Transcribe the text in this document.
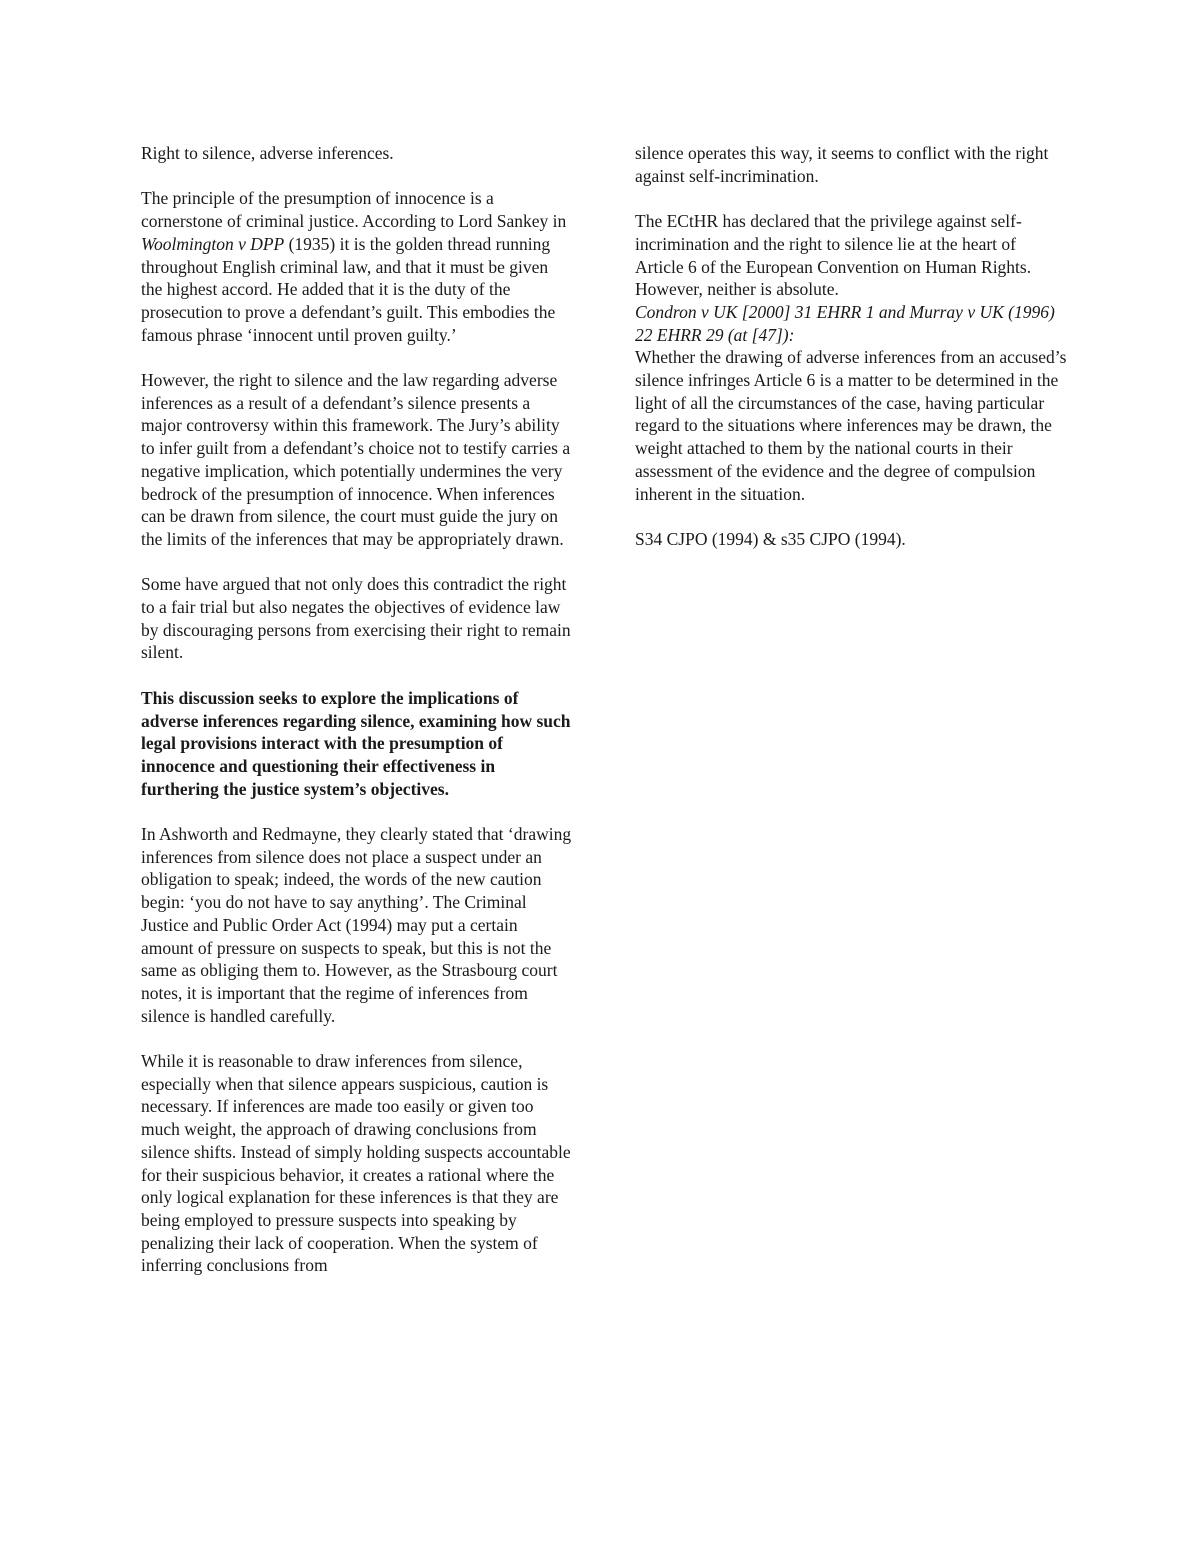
Right to silence, adverse inferences.

The principle of the presumption of innocence is a cornerstone of criminal justice. According to Lord Sankey in Woolmington v DPP (1935) it is the golden thread running throughout English criminal law, and that it must be given the highest accord. He added that it is the duty of the prosecution to prove a defendant’s guilt. This embodies the famous phrase ‘innocent until proven guilty.’

However, the right to silence and the law regarding adverse inferences as a result of a defendant’s silence presents a major controversy within this framework. The Jury’s ability to infer guilt from a defendant’s choice not to testify carries a negative implication, which potentially undermines the very bedrock of the presumption of innocence. When inferences can be drawn from silence, the court must guide the jury on the limits of the inferences that may be appropriately drawn.

Some have argued that not only does this contradict the right to a fair trial but also negates the objectives of evidence law by discouraging persons from exercising their right to remain silent.

This discussion seeks to explore the implications of adverse inferences regarding silence, examining how such legal provisions interact with the presumption of innocence and questioning their effectiveness in furthering the justice system’s objectives.

In Ashworth and Redmayne, they clearly stated that ‘drawing inferences from silence does not place a suspect under an obligation to speak; indeed, the words of the new caution begin: ‘you do not have to say anything’. The Criminal Justice and Public Order Act (1994) may put a certain amount of pressure on suspects to speak, but this is not the same as obliging them to. However, as the Strasbourg court notes, it is important that the regime of inferences from silence is handled carefully.

While it is reasonable to draw inferences from silence, especially when that silence appears suspicious, caution is necessary. If inferences are made too easily or given too much weight, the approach of drawing conclusions from silence shifts. Instead of simply holding suspects accountable for their suspicious behavior, it creates a rational where the only logical explanation for these inferences is that they are being employed to pressure suspects into speaking by penalizing their lack of cooperation. When the system of inferring conclusions from

silence operates this way, it seems to conflict with the right against self-incrimination.

The ECtHR has declared that the privilege against self-incrimination and the right to silence lie at the heart of Article 6 of the European Convention on Human Rights. However, neither is absolute.
Condron v UK [2000] 31 EHRR 1 and Murray v UK (1996) 22 EHRR 29 (at [47]):
Whether the drawing of adverse inferences from an accused’s silence infringes Article 6 is a matter to be determined in the light of all the circumstances of the case, having particular regard to the situations where inferences may be drawn, the weight attached to them by the national courts in their assessment of the evidence and the degree of compulsion inherent in the situation.

S34 CJPO (1994) & s35 CJPO (1994).
